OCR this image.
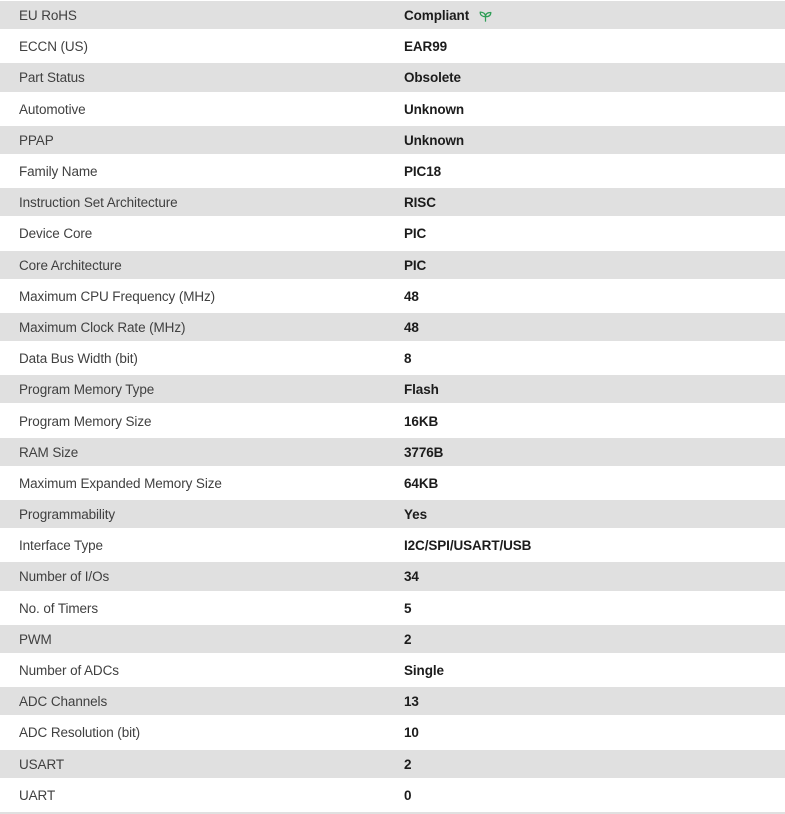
EU RoHS	Compliant
ECCN (US)	EAR99
Part Status	Obsolete
Automotive	Unknown
PPAP	Unknown
Family Name	PIC18
Instruction Set Architecture	RISC
Device Core	PIC
Core Architecture	PIC
Maximum CPU Frequency (MHz)	48
Maximum Clock Rate (MHz)	48
Data Bus Width (bit)	8
Program Memory Type	Flash
Program Memory Size	16KB
RAM Size	3776B
Maximum Expanded Memory Size	64KB
Programmability	Yes
Interface Type	I2C/SPI/USART/USB
Number of I/Os	34
No. of Timers	5
PWM	2
Number of ADCs	Single
ADC Channels	13
ADC Resolution (bit)	10
USART	2
UART	0
